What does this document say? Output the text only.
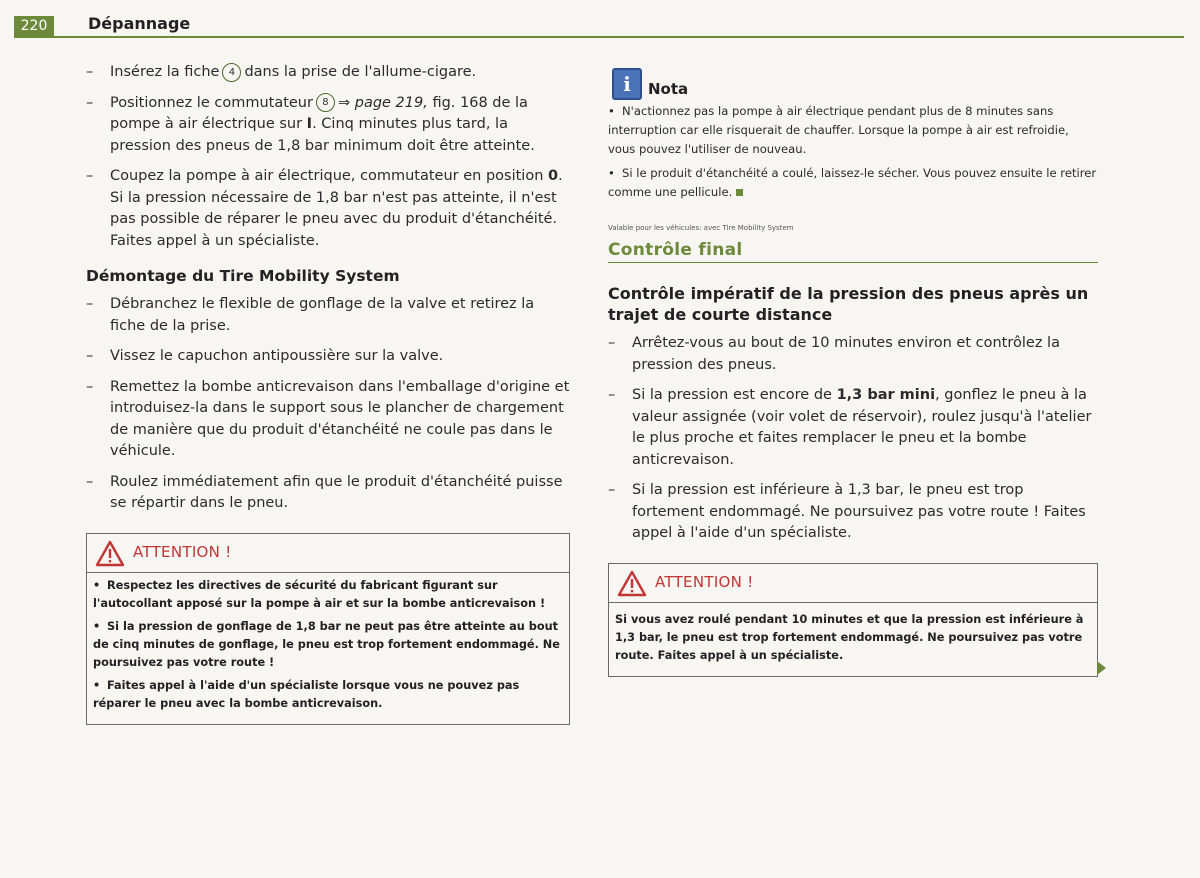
220	Dépannage
– Insérez la fiche 4 dans la prise de l'allume-cigare.
– Positionnez le commutateur 8 ⇒ page 219, fig. 168 de la pompe à air électrique sur I. Cinq minutes plus tard, la pression des pneus de 1,8 bar minimum doit être atteinte.
– Coupez la pompe à air électrique, commutateur en position 0. Si la pression nécessaire de 1,8 bar n'est pas atteinte, il n'est pas possible de réparer le pneu avec du produit d'étanchéité. Faites appel à un spécialiste.
Démontage du Tire Mobility System
– Débranchez le flexible de gonflage de la valve et retirez la fiche de la prise.
– Vissez le capuchon antipoussière sur la valve.
– Remettez la bombe anticrevaison dans l'emballage d'origine et introduisez-la dans le support sous le plancher de chargement de manière que du produit d'étanchéité ne coule pas dans le véhicule.
– Roulez immédiatement afin que le produit d'étanchéité puisse se répartir dans le pneu.
ATTENTION !
• Respectez les directives de sécurité du fabricant figurant sur l'autocollant apposé sur la pompe à air et sur la bombe anticrevaison !
• Si la pression de gonflage de 1,8 bar ne peut pas être atteinte au bout de cinq minutes de gonflage, le pneu est trop fortement endommagé. Ne poursuivez pas votre route !
• Faites appel à l'aide d'un spécialiste lorsque vous ne pouvez pas réparer le pneu avec la bombe anticrevaison.
i	Nota
• N'actionnez pas la pompe à air électrique pendant plus de 8 minutes sans interruption car elle risquerait de chauffer. Lorsque la pompe à air est refroidie, vous pouvez l'utiliser de nouveau.
• Si le produit d'étanchéité a coulé, laissez-le sécher. Vous pouvez ensuite le retirer comme une pellicule.
Valable pour les véhicules: avec Tire Mobility System
Contrôle final
Contrôle impératif de la pression des pneus après un trajet de courte distance
– Arrêtez-vous au bout de 10 minutes environ et contrôlez la pression des pneus.
– Si la pression est encore de 1,3 bar mini, gonflez le pneu à la valeur assignée (voir volet de réservoir), roulez jusqu'à l'atelier le plus proche et faites remplacer le pneu et la bombe anticrevaison.
– Si la pression est inférieure à 1,3 bar, le pneu est trop fortement endommagé. Ne poursuivez pas votre route ! Faites appel à l'aide d'un spécialiste.
ATTENTION !
Si vous avez roulé pendant 10 minutes et que la pression est inférieure à 1,3 bar, le pneu est trop fortement endommagé. Ne poursuivez pas votre route. Faites appel à un spécialiste.
